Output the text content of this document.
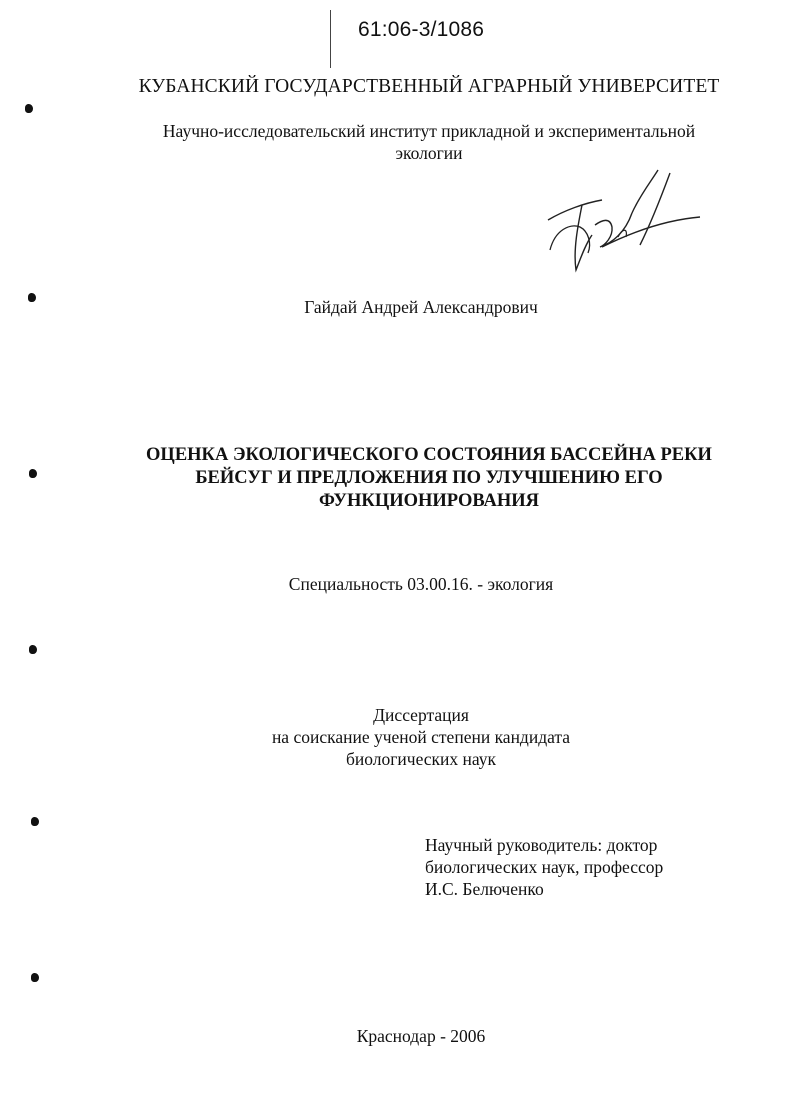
61:06-3/1086
КУБАНСКИЙ ГОСУДАРСТВЕННЫЙ АГРАРНЫЙ УНИВЕРСИТЕТ
Научно-исследовательский институт прикладной и экспериментальной
экологии
Гайдай Андрей Александрович
ОЦЕНКА ЭКОЛОГИЧЕСКОГО СОСТОЯНИЯ БАССЕЙНА РЕКИ
БЕЙСУГ И ПРЕДЛОЖЕНИЯ ПО УЛУЧШЕНИЮ ЕГО
ФУНКЦИОНИРОВАНИЯ
Специальность 03.00.16. - экология
Диссертация
на соискание ученой степени кандидата
биологических наук
Научный руководитель: доктор
биологических наук, профессор
И.С. Белюченко
Краснодар - 2006
